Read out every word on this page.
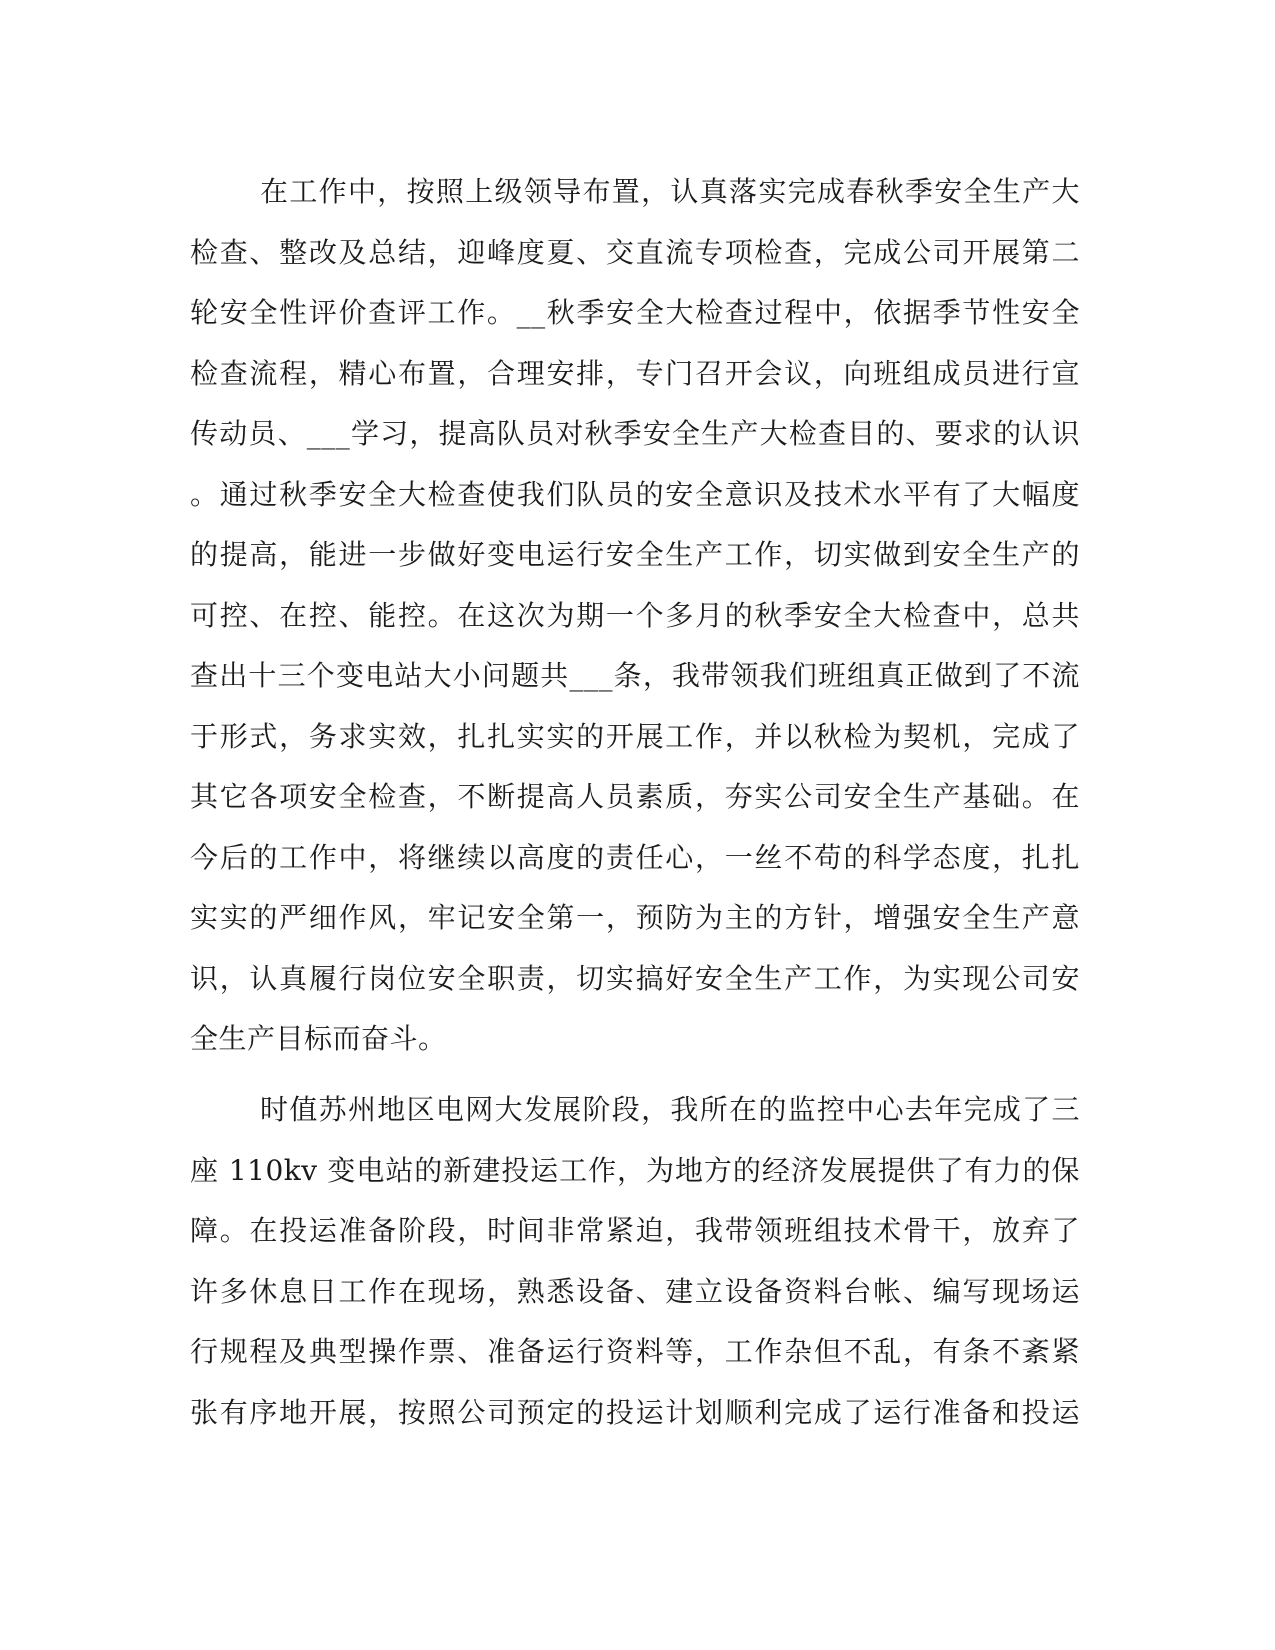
在工作中，按照上级领导布置，认真落实完成春秋季安全生产大
检查、整改及总结，迎峰度夏、交直流专项检查，完成公司开展第二
轮安全性评价查评工作。__秋季安全大检查过程中，依据季节性安全
检查流程，精心布置，合理安排，专门召开会议，向班组成员进行宣
传动员、___学习，提高队员对秋季安全生产大检查目的、要求的认识
。通过秋季安全大检查使我们队员的安全意识及技术水平有了大幅度
的提高，能进一步做好变电运行安全生产工作，切实做到安全生产的
可控、在控、能控。在这次为期一个多月的秋季安全大检查中，总共
查出十三个变电站大小问题共___条，我带领我们班组真正做到了不流
于形式，务求实效，扎扎实实的开展工作，并以秋检为契机，完成了
其它各项安全检查，不断提高人员素质，夯实公司安全生产基础。在
今后的工作中，将继续以高度的责任心，一丝不苟的科学态度，扎扎
实实的严细作风，牢记安全第一，预防为主的方针，增强安全生产意
识，认真履行岗位安全职责，切实搞好安全生产工作，为实现公司安
全生产目标而奋斗。
时值苏州地区电网大发展阶段，我所在的监控中心去年完成了三
座 110kv 变电站的新建投运工作，为地方的经济发展提供了有力的保
障。在投运准备阶段，时间非常紧迫，我带领班组技术骨干，放弃了
许多休息日工作在现场，熟悉设备、建立设备资料台帐、编写现场运
行规程及典型操作票、准备运行资料等，工作杂但不乱，有条不紊紧
张有序地开展，按照公司预定的投运计划顺利完成了运行准备和投运
